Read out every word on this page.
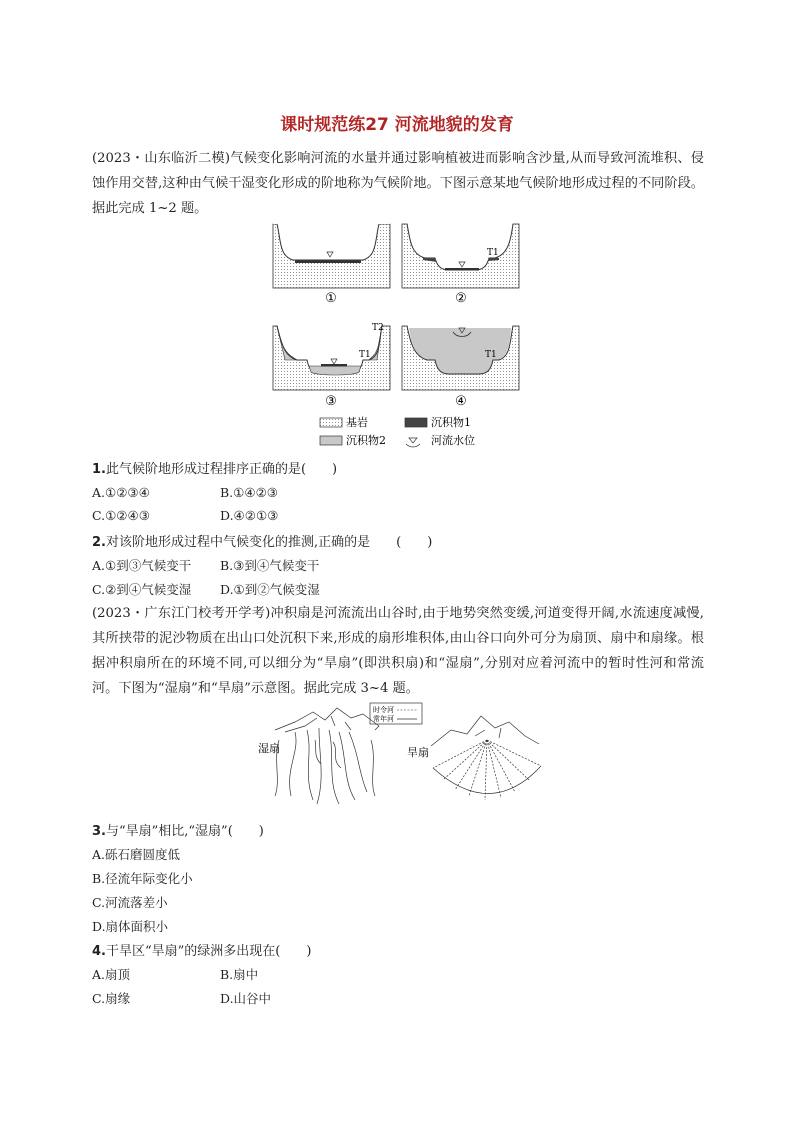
课时规范练27 河流地貌的发育
(2023・山东临沂二模)气候变化影响河流的水量并通过影响植被进而影响含沙量,从而导致河流堆积、侵蚀作用交替,这种由气候干湿变化形成的阶地称为气候阶地。下图示意某地气候阶地形成过程的不同阶段。据此完成 1~2 题。
①
T1
②
T2
T1
③
T1
④
基岩	沉积物1
沉积物2	河流水位
1.此气候阶地形成过程排序正确的是(　　)
A.①②③④	B.①④②③
C.①②④③	D.④②①③
2.对该阶地形成过程中气候变化的推测,正确的是　　(　　)
A.①到③气候变干 B.③到④气候变干
C.②到④气候变湿 D.①到②气候变湿
(2023・广东江门校考开学考)冲积扇是河流流出山谷时,由于地势突然变缓,河道变得开阔,水流速度减慢,其所挟带的泥沙物质在出山口处沉积下来,形成的扇形堆积体,由山谷口向外可分为扇顶、扇中和扇缘。根据冲积扇所在的环境不同,可以细分为“旱扇”(即洪积扇)和“湿扇”,分别对应着河流中的暂时性河和常流河。下图为“湿扇”和“旱扇”示意图。据此完成 3~4 题。
时令河
常年河
湿扇	旱扇
3.与“旱扇”相比,“湿扇”(　　)
A.砾石磨圆度低
B.径流年际变化小
C.河流落差小
D.扇体面积小
4.干旱区“旱扇”的绿洲多出现在(　　)
A.扇顶	B.扇中
C.扇缘	D.山谷中
